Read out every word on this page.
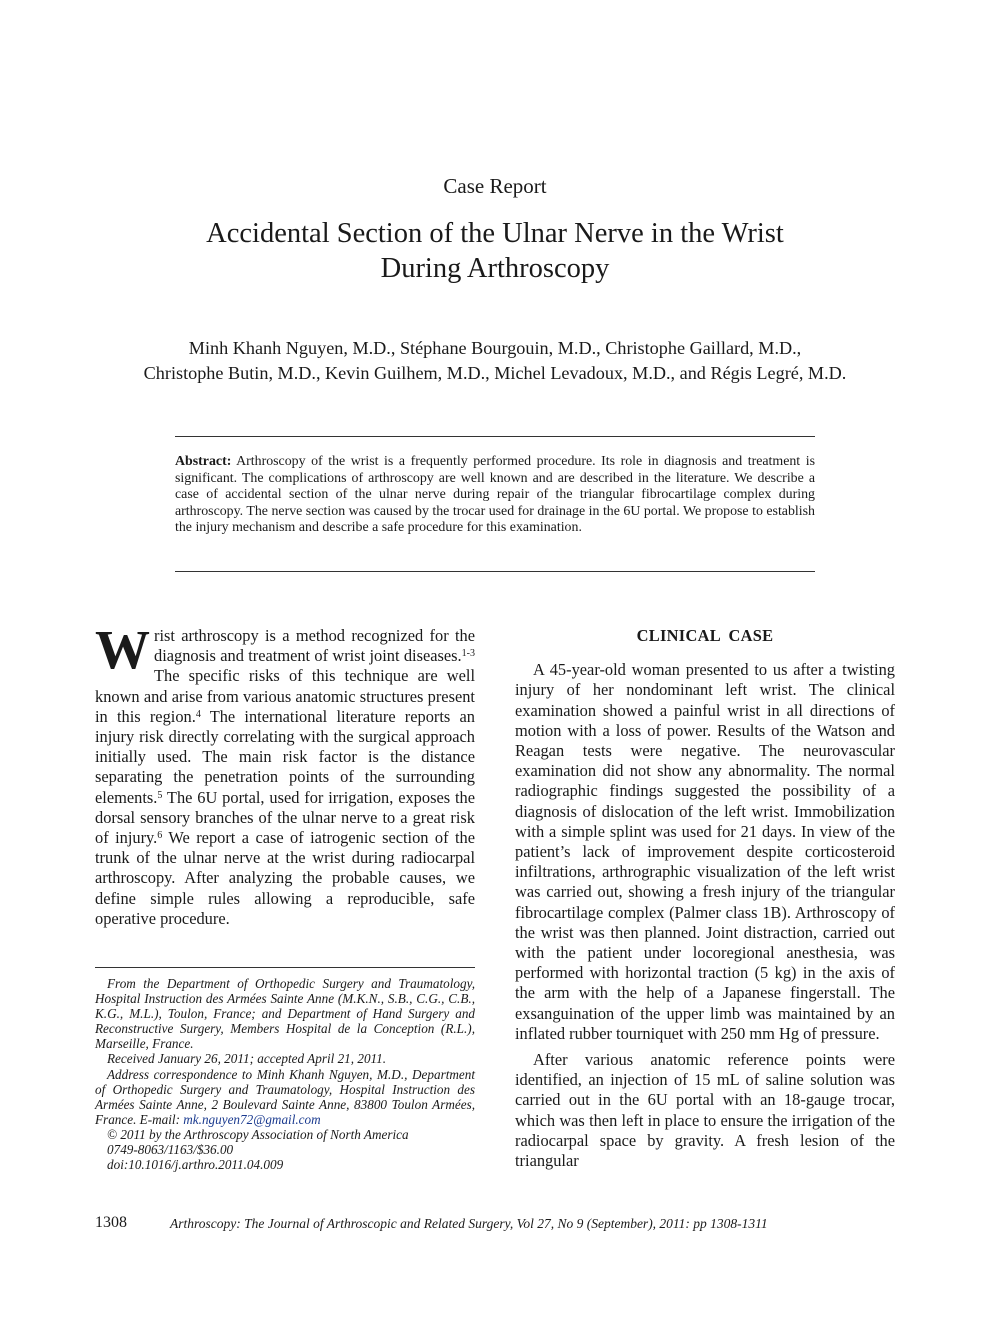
Case Report
Accidental Section of the Ulnar Nerve in the Wrist
During Arthroscopy
Minh Khanh Nguyen, M.D., Stéphane Bourgouin, M.D., Christophe Gaillard, M.D.,
Christophe Butin, M.D., Kevin Guilhem, M.D., Michel Levadoux, M.D., and Régis Legré, M.D.
Abstract: Arthroscopy of the wrist is a frequently performed procedure. Its role in diagnosis and treatment is significant. The complications of arthroscopy are well known and are described in the literature. We describe a case of accidental section of the ulnar nerve during repair of the triangular fibrocartilage complex during arthroscopy. The nerve section was caused by the trocar used for drainage in the 6U portal. We propose to establish the injury mechanism and describe a safe procedure for this examination.

Wrist arthroscopy is a method recognized for the diagnosis and treatment of wrist joint diseases.$^{1-3}$ The specific risks of this technique are well known and arise from various anatomic structures present in this region.$^4$ The international literature reports an injury risk directly correlating with the surgical approach initially used. The main risk factor is the distance separating the penetration points of the surrounding elements.$^5$ The 6U portal, used for irrigation, exposes the dorsal sensory branches of the ulnar nerve to a great risk of injury.$^6$ We report a case of iatrogenic section of the trunk of the ulnar nerve at the wrist during radiocarpal arthroscopy. After analyzing the probable causes, we define simple rules allowing a reproducible, safe operative procedure.

CLINICAL CASE

A 45-year-old woman presented to us after a twisting injury of her nondominant left wrist. The clinical examination showed a painful wrist in all directions of motion with a loss of power. Results of the Watson and Reagan tests were negative. The neurovascular examination did not show any abnormality. The normal radiographic findings suggested the possibility of a diagnosis of dislocation of the left wrist. Immobilization with a simple splint was used for 21 days. In view of the patient’s lack of improvement despite corticosteroid infiltrations, arthrographic visualization of the left wrist was carried out, showing a fresh injury of the triangular fibrocartilage complex (Palmer class 1B). Arthroscopy of the wrist was then planned. Joint distraction, carried out with the patient under locoregional anesthesia, was performed with horizontal traction (5 kg) in the axis of the arm with the help of a Japanese fingerstall. The exsanguination of the upper limb was maintained by an inflated rubber tourniquet with 250 mm Hg of pressure.

After various anatomic reference points were identified, an injection of 15 mL of saline solution was carried out in the 6U portal with an 18-gauge trocar, which was then left in place to ensure the irrigation of the radiocarpal space by gravity. A fresh lesion of the triangular

From the Department of Orthopedic Surgery and Traumatology, Hospital Instruction des Armées Sainte Anne (M.K.N., S.B., C.G., C.B., K.G., M.L.), Toulon, France; and Department of Hand Surgery and Reconstructive Surgery, Members Hospital de la Conception (R.L.), Marseille, France.

Received January 26, 2011; accepted April 21, 2011.

Address correspondence to Minh Khanh Nguyen, M.D., Department of Orthopedic Surgery and Traumatology, Hospital Instruction des Armées Sainte Anne, 2 Boulevard Sainte Anne, 83800 Toulon Armées, France. E-mail: mk.nguyen72@gmail.com

© 2011 by the Arthroscopy Association of North America

0749-8063/1163/$36.00

doi:10.1016/j.arthro.2011.04.009

1308	Arthroscopy: The Journal of Arthroscopic and Related Surgery, Vol 27, No 9 (September), 2011: pp 1308-1311
